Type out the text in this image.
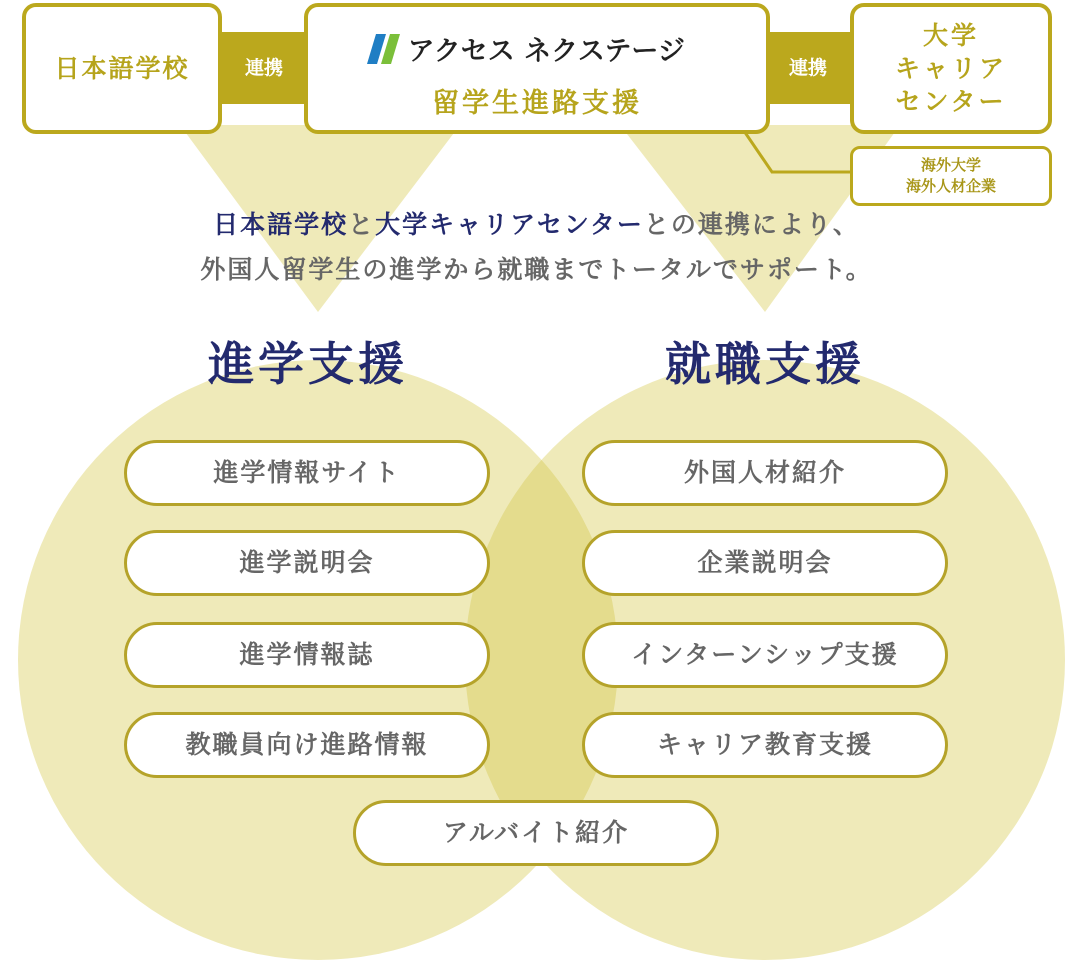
連携	連携
日本語学校
アクセス ネクステージ
留学生進路支援
大学
キャリア
センター
海外大学
海外人材企業
日本語学校と大学キャリアセンターとの連携により、
外国人留学生の進学から就職までトータルでサポート。
進学支援	就職支援
進学情報サイト
進学説明会
進学情報誌
教職員向け進路情報
外国人材紹介
企業説明会
インターンシップ支援
キャリア教育支援
アルバイト紹介
